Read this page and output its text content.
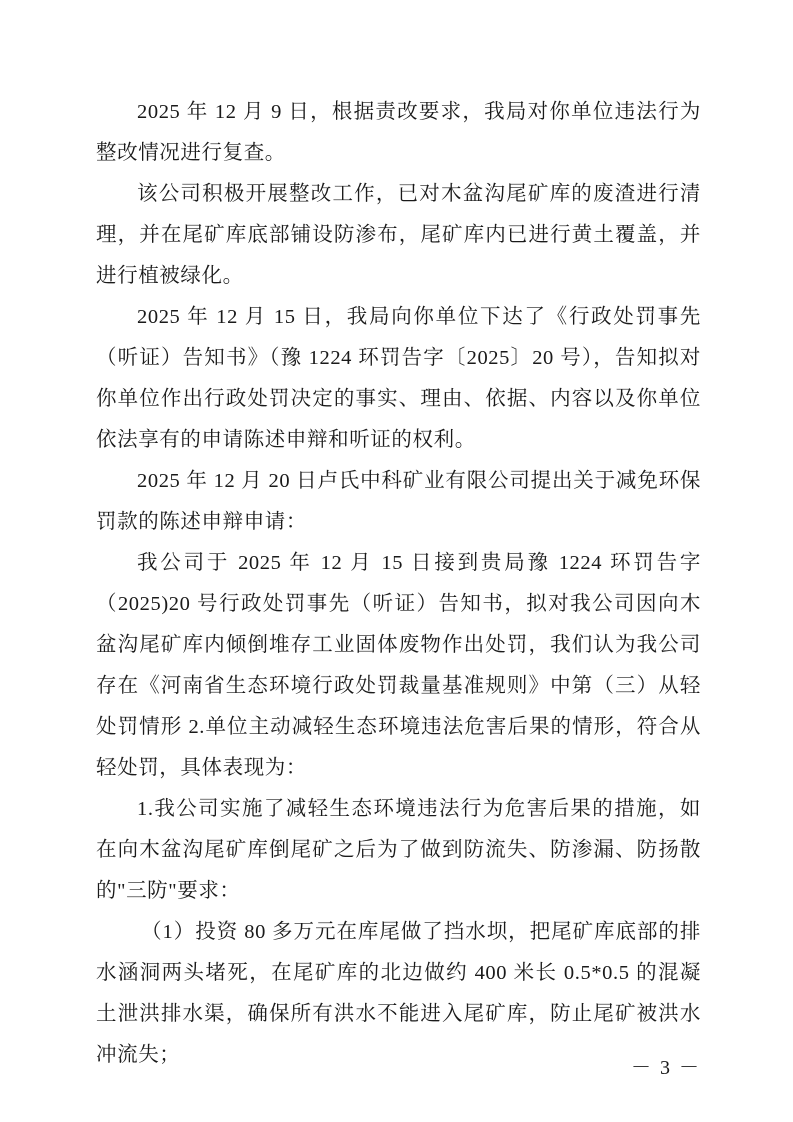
2025 年 12 月 9 日，根据责改要求，我局对你单位违法行为整改情况进行复查。

该公司积极开展整改工作，已对木盆沟尾矿库的废渣进行清理，并在尾矿库底部铺设防渗布，尾矿库内已进行黄土覆盖，并进行植被绿化。

2025 年 12 月 15 日，我局向你单位下达了《行政处罚事先（听证）告知书》（豫 1224 环罚告字〔2025〕20 号），告知拟对你单位作出行政处罚决定的事实、理由、依据、内容以及你单位依法享有的申请陈述申辩和听证的权利。

2025 年 12 月 20 日卢氏中科矿业有限公司提出关于减免环保罚款的陈述申辩申请：

我公司于 2025 年 12 月 15 日接到贵局豫 1224 环罚告字（2025)20 号行政处罚事先（听证）告知书，拟对我公司因向木盆沟尾矿库内倾倒堆存工业固体废物作出处罚，我们认为我公司存在《河南省生态环境行政处罚裁量基准规则》中第（三）从轻处罚情形 2.单位主动减轻生态环境违法危害后果的情形，符合从轻处罚，具体表现为：

1.我公司实施了减轻生态环境违法行为危害后果的措施，如在向木盆沟尾矿库倒尾矿之后为了做到防流失、防渗漏、防扬散的"三防"要求：

（1）投资 80 多万元在库尾做了挡水坝，把尾矿库底部的排水涵洞两头堵死，在尾矿库的北边做约 400 米长 0.5*0.5 的混凝土泄洪排水渠，确保所有洪水不能进入尾矿库，防止尾矿被洪水冲流失；

－ 3 －
